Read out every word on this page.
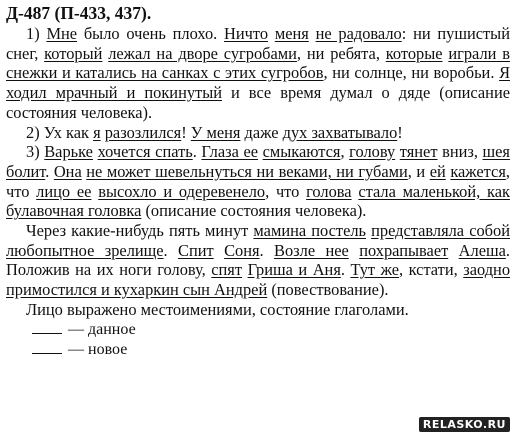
Д-487 (П-433, 437).

1) Мне было очень плохо. Ничто меня не радовало: ни пушистый снег, который лежал на дворе сугробами, ни ребята, которые играли в снежки и катались на санках с этих сугробов, ни солнце, ни воробьи. Я ходил мрачный и покинутый и все время думал о дяде (описание состояния человека).

2) Ух как я разозлился! У меня даже дух захватывало!

3) Варьке хочется спать. Глаза ее смыкаются, голову тянет вниз, шея болит. Она не может шевельнуться ни веками, ни губами, и ей кажется, что лицо ее высохло и одеревенело, что голова стала маленькой, как булавочная головка (описание состояния человека).

Через какие-нибудь пять минут мамина постель представляла собой любопытное зрелище. Спит Соня. Возле нее похрапывает Алеша. Положив на их ноги голову, спят Гриша и Аня. Тут же, кстати, заодно примостился и кухаркин сын Андрей (повествование).

Лицо выражено местоимениями, состояние глаголами.

— данное
— новое
RELASKO.RU
